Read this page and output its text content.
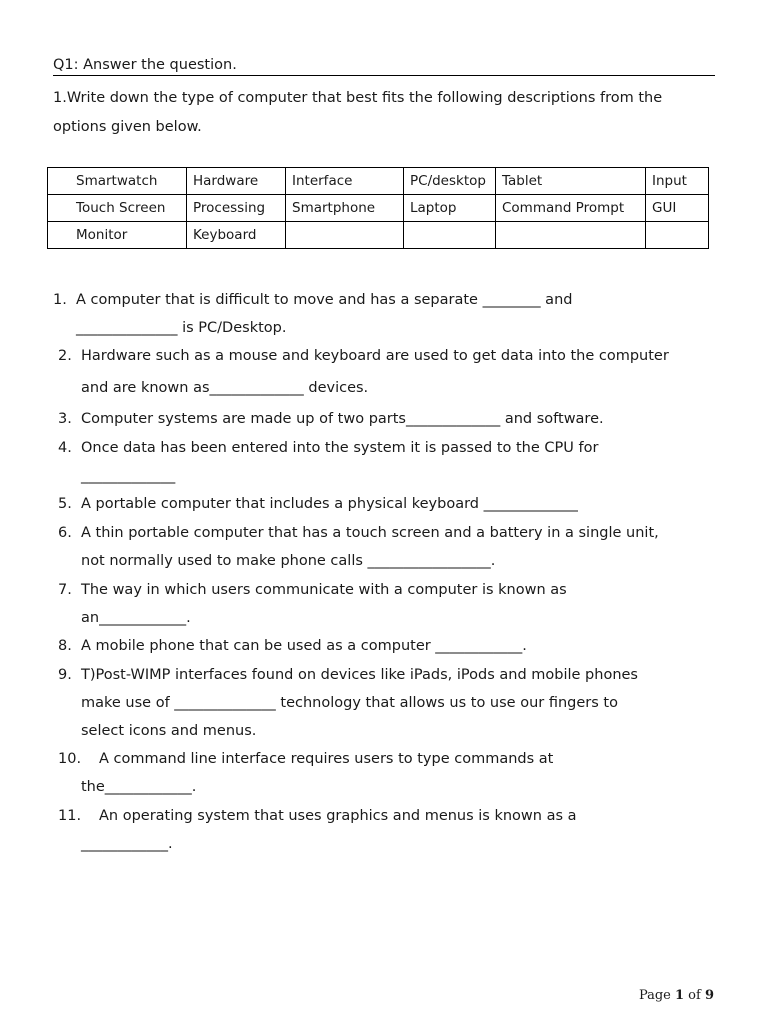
Q1: Answer the question.
1.Write down the type of computer that best fits the following descriptions from the
options given below.
Smartwatch	Hardware	Interface	PC/desktop	Tablet	Input
Touch Screen	Processing	Smartphone	Laptop	Command Prompt	GUI
Monitor	Keyboard				
1. A computer that is difficult to move and has a separate ________ and
______________ is PC/Desktop.
2. Hardware such as a mouse and keyboard are used to get data into the computer
and are known as_____________ devices.
3. Computer systems are made up of two parts_____________ and software.
4. Once data has been entered into the system it is passed to the CPU for
_____________
5. A portable computer that includes a physical keyboard _____________
6. A thin portable computer that has a touch screen and a battery in a single unit,
not normally used to make phone calls _________________.
7. The way in which users communicate with a computer is known as
an____________.
8. A mobile phone that can be used as a computer ____________.
9. T)Post-WIMP interfaces found on devices like iPads, iPods and mobile phones
make use of ______________ technology that allows us to use our fingers to
select icons and menus.
10. A command line interface requires users to type commands at
the____________.
11. An operating system that uses graphics and menus is known as a
____________.
Page 1 of 9
